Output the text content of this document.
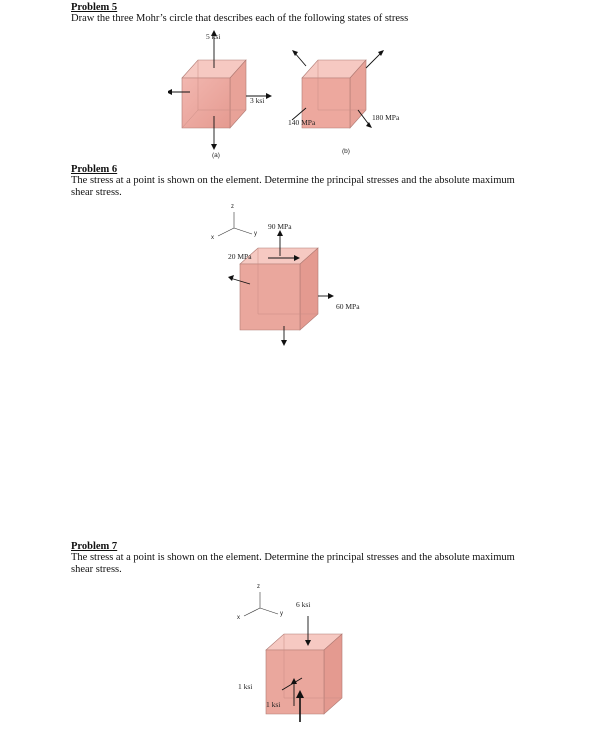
Problem 5

Draw the three Mohr’s circle that describes each of the following states of stress

5 ksi
3 ksi
(a)
140 MPa
180 MPa
(b)

Problem 6

The stress at a point is shown on the element. Determine the principal stresses and the absolute maximum shear stress.

z
y
x
90 MPa
20 MPa
60 MPa

Problem 7

The stress at a point is shown on the element. Determine the principal stresses and the absolute maximum shear stress.

z
y
x
6 ksi
1 ksi
1 ksi
